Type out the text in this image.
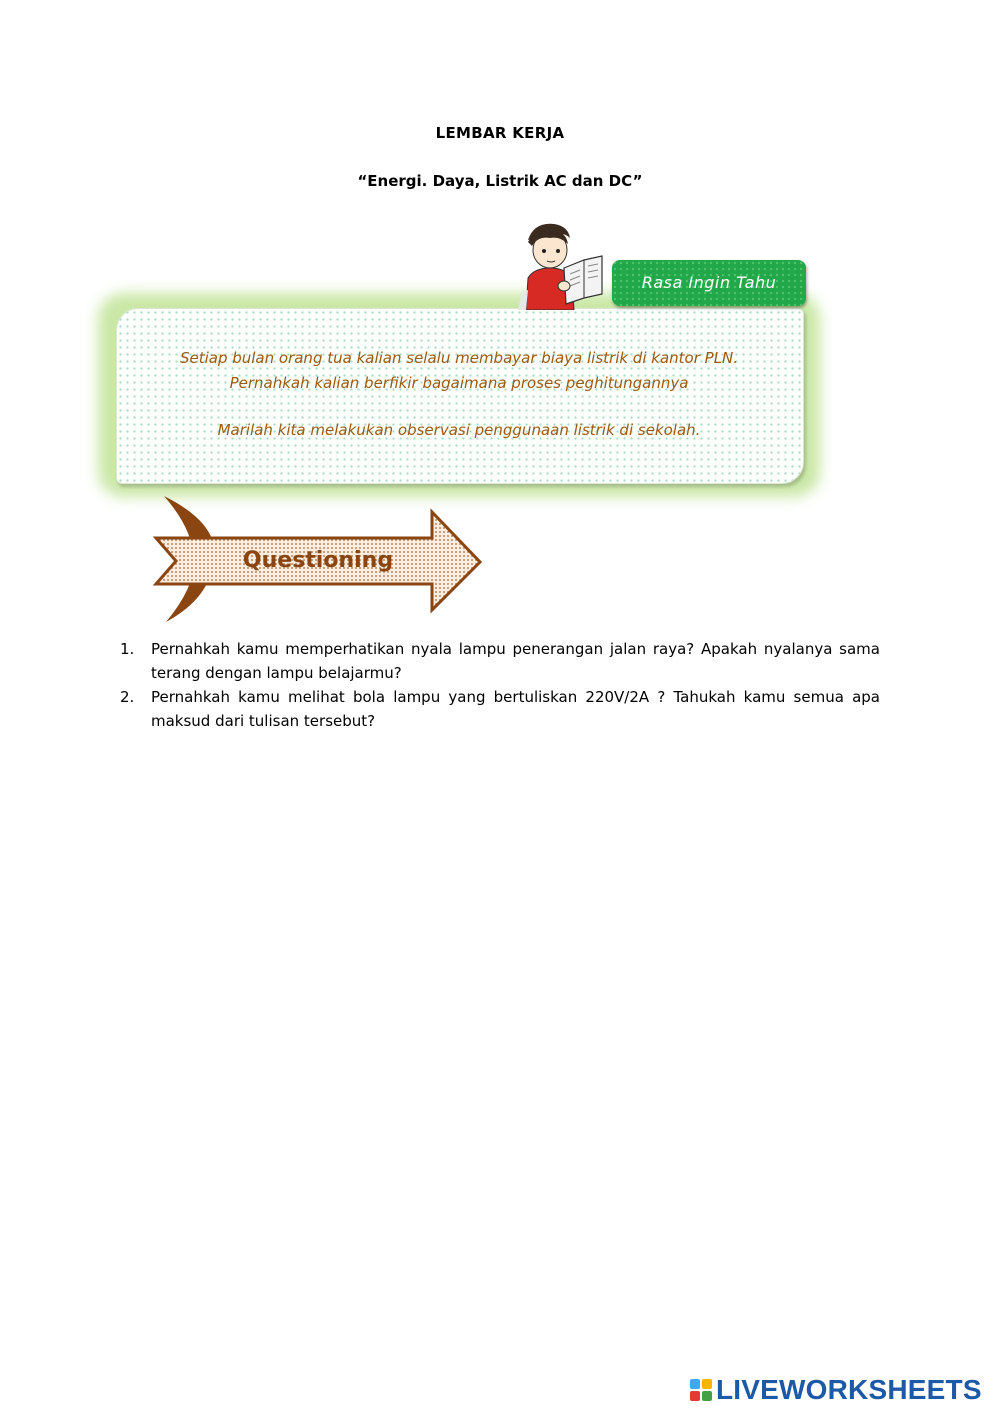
LEMBAR KERJA
“Energi. Daya, Listrik AC dan DC”
Rasa Ingin Tahu
Setiap bulan orang tua kalian selalu membayar biaya listrik di kantor PLN.
Pernahkah kalian berfikir bagaimana proses peghitungannya
Marilah kita melakukan observasi penggunaan listrik di sekolah.
Questioning
1. Pernahkah kamu memperhatikan nyala lampu penerangan jalan raya? Apakah nyalanya sama terang dengan lampu belajarmu?
2. Pernahkah kamu melihat bola lampu yang bertuliskan 220V/2A ? Tahukah kamu semua apa maksud dari tulisan tersebut?
LIVEWORKSHEETS
